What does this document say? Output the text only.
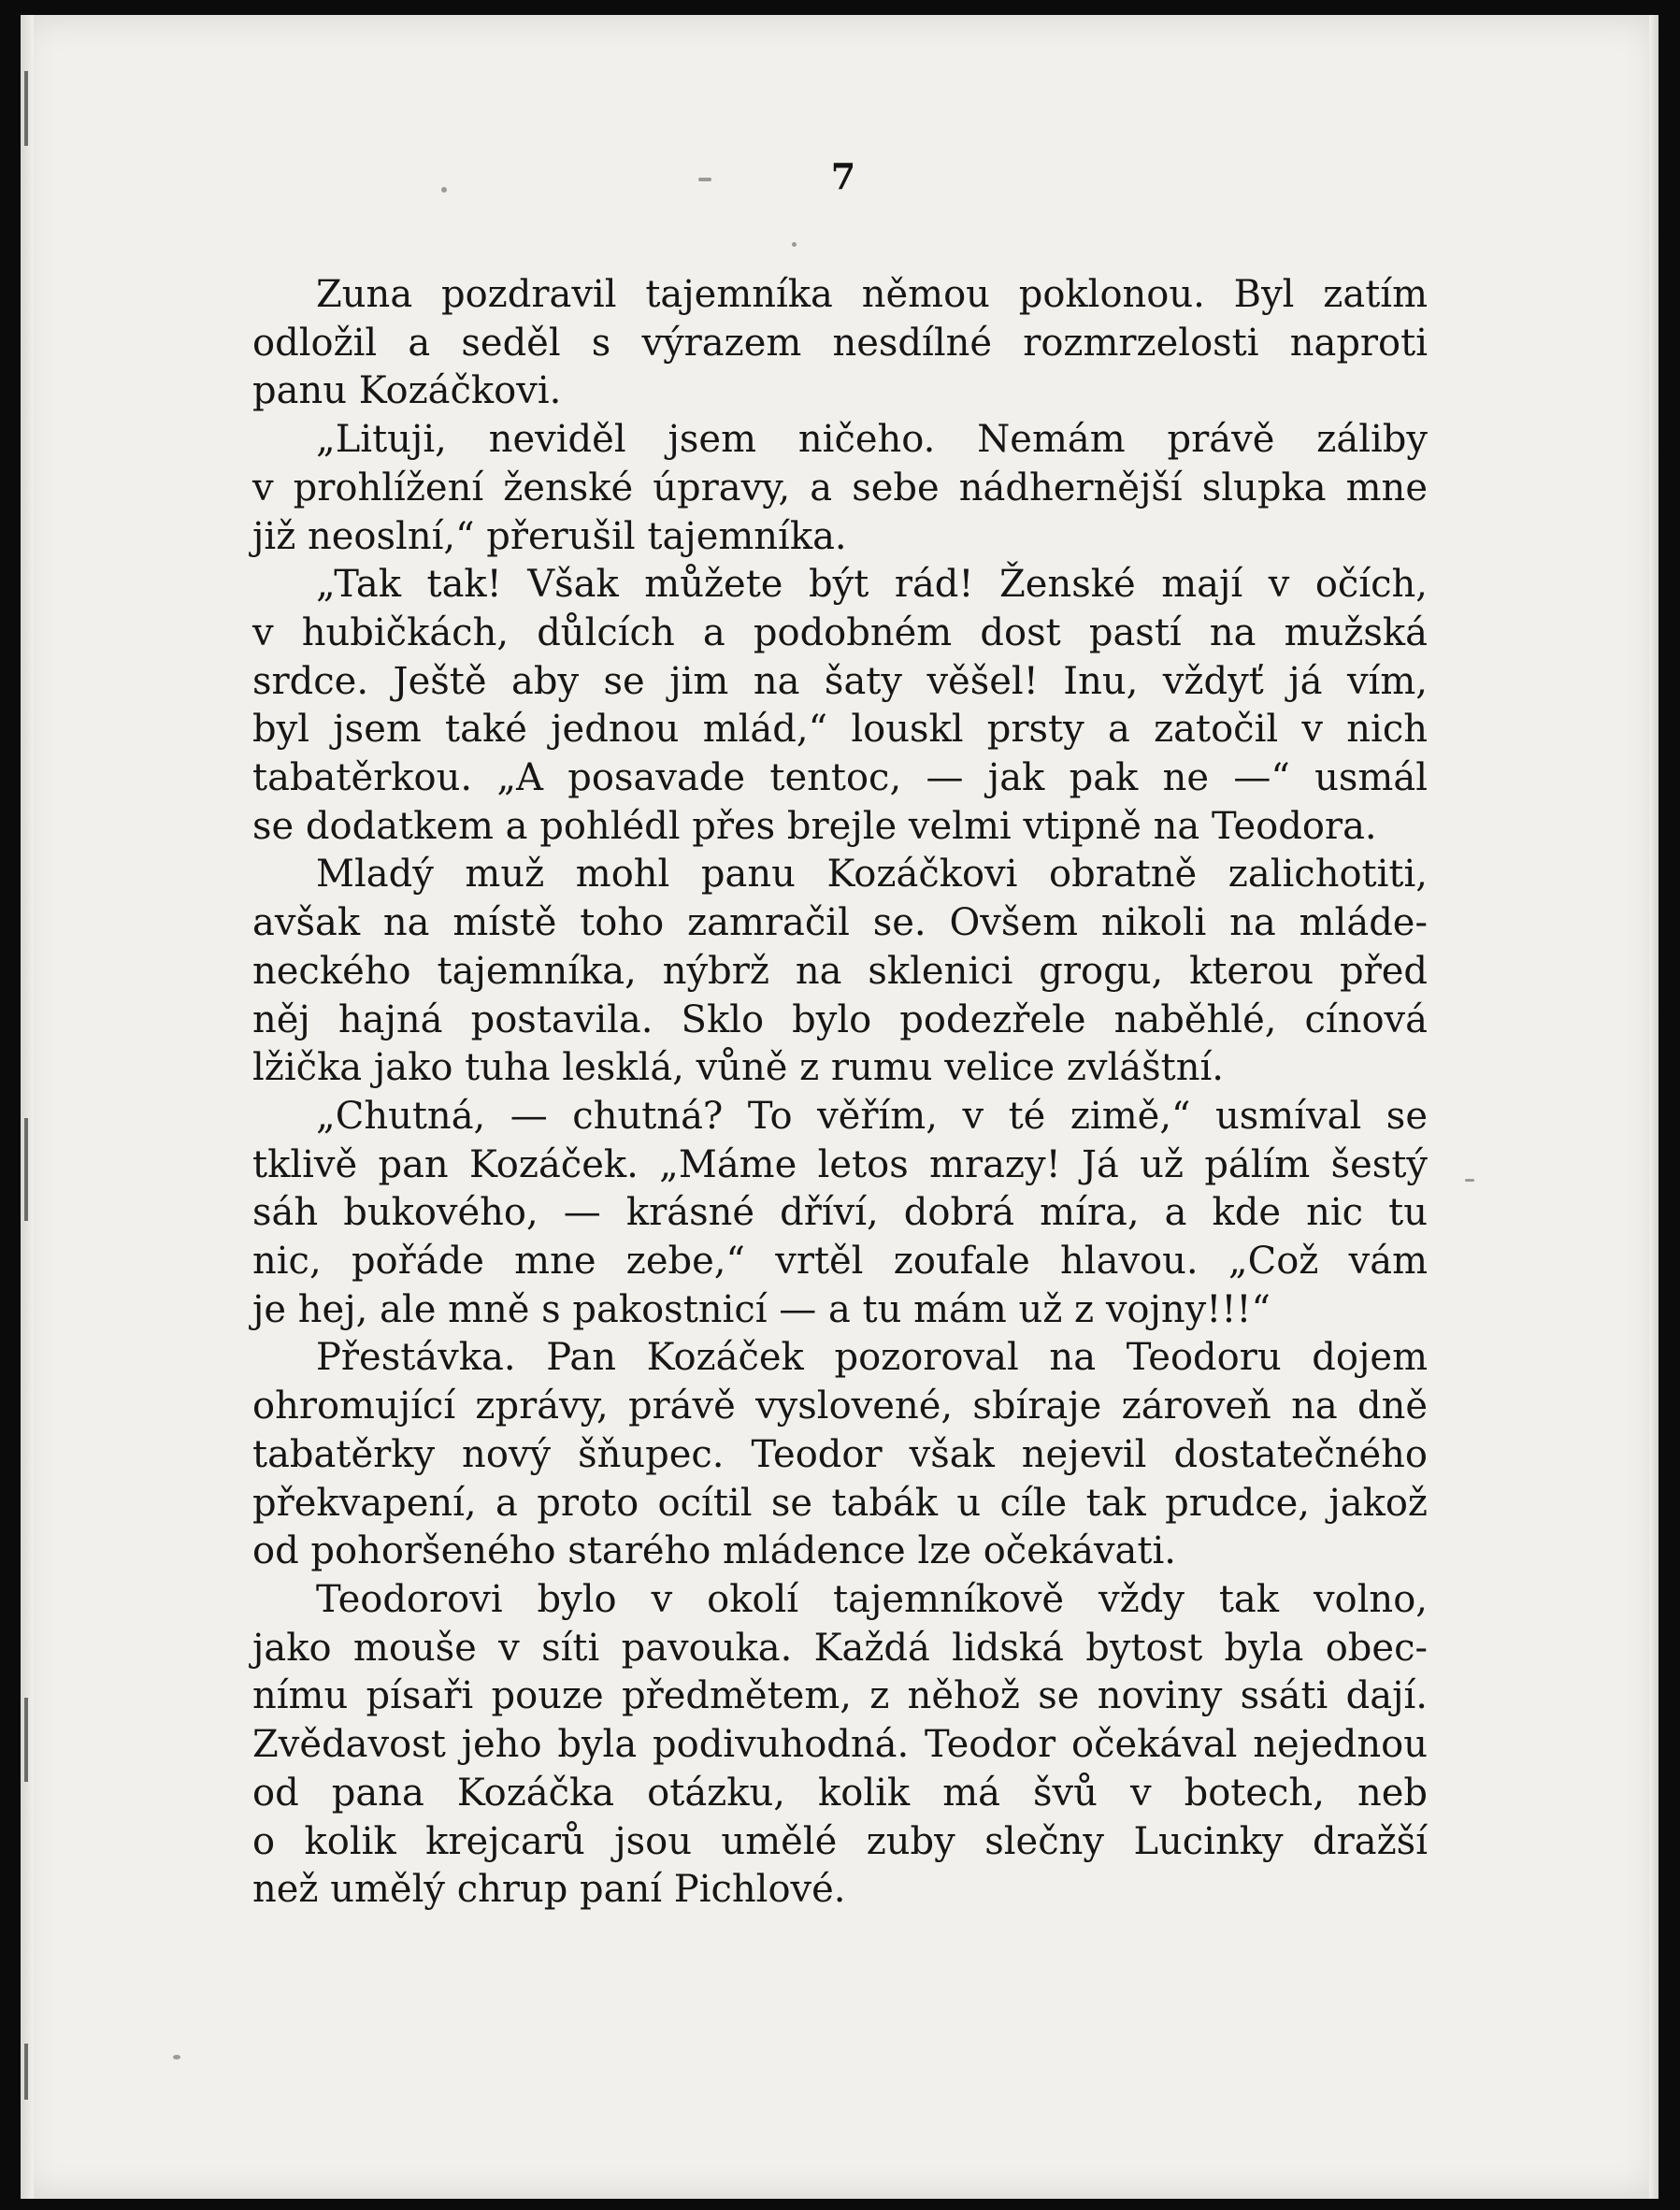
7
Zuna pozdravil tajemníka němou poklonou. Byl zatím
odložil a seděl s výrazem nesdílné rozmrzelosti naproti
panu Kozáčkovi.
„Lituji, neviděl jsem ničeho. Nemám právě záliby
v prohlížení ženské úpravy, a sebe nádhernější slupka mne
již neoslní,“ přerušil tajemníka.
„Tak tak! Však můžete být rád! Ženské mají v očích,
v hubičkách, důlcích a podobném dost pastí na mužská
srdce. Ještě aby se jim na šaty věšel! Inu, vždyť já vím,
byl jsem také jednou mlád,“ louskl prsty a zatočil v nich
tabatěrkou. „A posavade tentoc, — jak pak ne —“ usmál
se dodatkem a pohlédl přes brejle velmi vtipně na Teodora.
Mladý muž mohl panu Kozáčkovi obratně zalichotiti,
avšak na místě toho zamračil se. Ovšem nikoli na mláde-
neckého tajemníka, nýbrž na sklenici grogu, kterou před
něj hajná postavila. Sklo bylo podezřele naběhlé, cínová
lžička jako tuha lesklá, vůně z rumu velice zvláštní.
„Chutná, — chutná? To věřím, v té zimě,“ usmíval se
tklivě pan Kozáček. „Máme letos mrazy! Já už pálím šestý
sáh bukového, — krásné dříví, dobrá míra, a kde nic tu
nic, pořáde mne zebe,“ vrtěl zoufale hlavou. „Což vám
je hej, ale mně s pakostnicí — a tu mám už z vojny!!!“
Přestávka. Pan Kozáček pozoroval na Teodoru dojem
ohromující zprávy, právě vyslovené, sbíraje zároveň na dně
tabatěrky nový šňupec. Teodor však nejevil dostatečného
překvapení, a proto ocítil se tabák u cíle tak prudce, jakož
od pohoršeného starého mládence lze očekávati.
Teodorovi bylo v okolí tajemníkově vždy tak volno,
jako mouše v síti pavouka. Každá lidská bytost byla obec-
nímu písaři pouze předmětem, z něhož se noviny ssáti dají.
Zvědavost jeho byla podivuhodná. Teodor očekával nejednou
od pana Kozáčka otázku, kolik má švů v botech, neb
o kolik krejcarů jsou umělé zuby slečny Lucinky dražší
než umělý chrup paní Pichlové.
